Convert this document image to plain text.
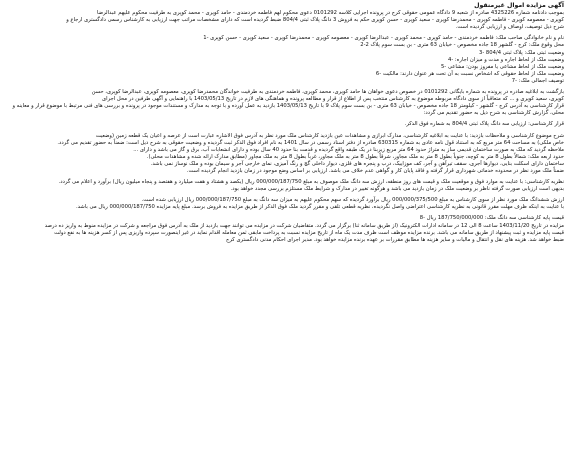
آگهی مزایده اموال غیرمنقول

بموجب دادنامه شماره 4325226 صادره از شعبه 9 دادگاه عمومی حقوقی کرج در پرونده اجرایی کلاسه 0101292 دعوی محکوم لهم فاطمه خردمندی - حامد کوپری - محمد کوپری به طرفیت محکوم علیهم عبدالرضا

کوپری - معصومه کوپری - فاطمه کوپری - محمدرضا کوپری - سعید کوپری - حسن کوپری حکم به فروش 3 دانگ پلاک ثبتی 804/4 ضبط گردیده است که دارای مشخصات مراتب جهت ارزیابی به کارشناس رسمی دادگستری ارجاع و

شرح ذیل توصیف، اوصاف و ارزیابی گردیده است.

نام و نام خانوادگی صاحب ملک: فاطمه خردمندی - حامد کوپری - محمد کوپری - عبدالرضا کوپری - معصومه کوپری - محمدرضا کوپری - سعید کوپری - حسن کوپری -1

محل وقوع ملک: کرج - گلشهر 18 جاده مخصوص - خیابان 63 متری - بن بست سوم پلاک 2-2

وضعیت ثبتی ملک: پلاک ثبتی 804/4 -3

وضعیت ملک از لحاظ اجاره و مدت و میزان اجاره: -4

وضعیت ملک از لحاظ مشاعی یا مفروز بودن: مشاعی -5

وضعیت ملک از لحاظ حقوقی که اشخاص نسبت به آن تحت هر عنوان دارند: مالکیت -6

توصیف اجمالی ملک: -7

بازگشت به ابلاغیه صادره در پرونده به شماره بایگانی 0101292 در خصوص دعوی خواهان ها حامد کوپری، محمد کوپری، فاطمه خردمندی به طرفیت خواندگان محمدرضا کوپری، معصومه کوپری، عبدالرضا کوپری، حسن

کوپری، سعید کوپری و ... که متعاقباً از سوی دادگاه مربوطه موضوع به کارشناس منتخب پس از اطلاع از قرار و مطالعه پرونده و هماهنگی های لازم در تاریخ 1403/05/13 با راهنمایی و آگهی طرفین در محل اجرای

قرار کارشناسی به آدرس کرج - گلشهر - کیلومتر 18 جاده مخصوص - خیابان 63 متری - بن بست سوم پلاک 9 با تاریخ 1403/05/13 بازدید به عمل آورده و با توجه به مدارک و مستندات موجود در پرونده و بررسی های فنی مرتبط با موضوع قرار و معاینه و

محلی، گزارش کارشناسی به شرح ذیل به حضور تقدیم می گردد:

قرار کارشناسی: ارزیابی سه دانگ پلاک ثبتی 804/4 به شماره فوق الذکر.

شرح موضوع کارشناسی و ملاحظات بازدید: با عنایت به ابلاغیه کارشناسی، مدارک ابرازی و مشاهدات عین بازدید کارشناس ملک مورد نظر به آدرس فوق الاشاره عبارت است از عرصه و اعیان یک قطعه زمین (وضعیت

خاص ملکی) به مساحت 64 متر مربع که به استناد قول نامه عادی به شماره 630315 صادره از دفتر اسناد رسمی در سال 1401 به نام افراد فوق الذکر ثبت گردیده و وضعیت حقوقی به شرح ذیل است: ضمناً به حضور تقدیم می گردد.

ملاحظه گردید که ملک به صورت ساختمان قدیمی ساز به متراژ حدود 64 متر مربع زیربنا در یک طبقه واقع گردیده و قدمت بنا حدود 40 سال بوده و دارای انشعابات آب، برق و گاز می باشد و دارای ...

حدود اربعه ملک: شمالاً بطول 8 متر به کوچه، جنوباً بطول 8 متر به ملک مجاور، شرقاً بطول 8 متر به ملک مجاور، غرباً بطول 8 متر به ملک مجاور (مطابق مدارک ارائه شده و مشاهدات محلی).

ساختمان دارای اسکلت بنایی، دیوارها آجری، سقف تیرآهن و آجر، کف موزاییک، درب و پنجره های فلزی، دیوار داخلی گچ و رنگ آمیزی، نمای خارجی آجر و سیمان بوده و ملک نوساز نمی باشد.

ضمناً ملک مورد نظر در محدوده خدماتی شهرداری قرار گرفته و فاقد پایان کار و گواهی عدم خلاف می باشد. ارزیابی بر اساس وضع موجود در زمان بازدید انجام گردیده است.

نظریه کارشناسی: با عنایت به موارد فوق و موقعیت ملک و قیمت های روز منطقه، ارزش سه دانگ ملک موصوف به مبلغ 000/000/187/750 ریال (یکصد و هشتاد و هفت میلیارد و هفتصد و پنجاه میلیون ریال) برآورد و اعلام می گردد.

بدیهی است ارزیابی صورت گرفته ناظر بر وضعیت ملک در زمان بازدید می باشد و هرگونه تغییر در مدارک و شرایط ملک مستلزم بررسی مجدد خواهد بود.

ارزش ششدانگ ملک مورد نظر از سوی کارشناس به مبلغ 000/000/375/500 ریال برآورد گردیده که سهم محکوم علیهم به میزان سه دانگ به مبلغ 000/000/187/750 ریال ارزیابی شده است.

با عنایت به اینکه ظرف مهلت مقرر قانونی به نظریه کارشناسی اعتراضی واصل نگردیده، نظریه قطعی تلقی و مقرر گردید ملک فوق الذکر از طریق مزایده به فروش برسد. مبلغ پایه مزایده 000/000/187/750 ریال می باشد.

قیمت پایه کارشناسی سه دانگ ملک: 187/750/000/000 ریال -8

مزایده در تاریخ 1403/11/20 ساعت 8 الی 12 در سامانه ادارات الکترونیک (از طریق سامانه ثنا) برگزار می گردد. متقاضیان شرکت در مزایده می توانند جهت بازدید از ملک به آدرس فوق مراجعه و شرکت در مزایده منوط به واریز ده درصد

قیمت پایه مزایده و ثبت پیشنهاد از طریق سامانه می باشد. برنده مزایده موظف است ظرف مدت یک ماه از تاریخ مزایده نسبت به پرداخت مابقی ثمن معامله اقدام نماید در غیر اینصورت سپرده واریزی پس از کسر هزینه ها به نفع دولت

ضبط خواهد شد. هزینه های نقل و انتقال و مالیات و سایر هزینه ها مطابق مقررات بر عهده برنده مزایده خواهد بود. مدیر اجرای احکام مدنی دادگستری کرج
